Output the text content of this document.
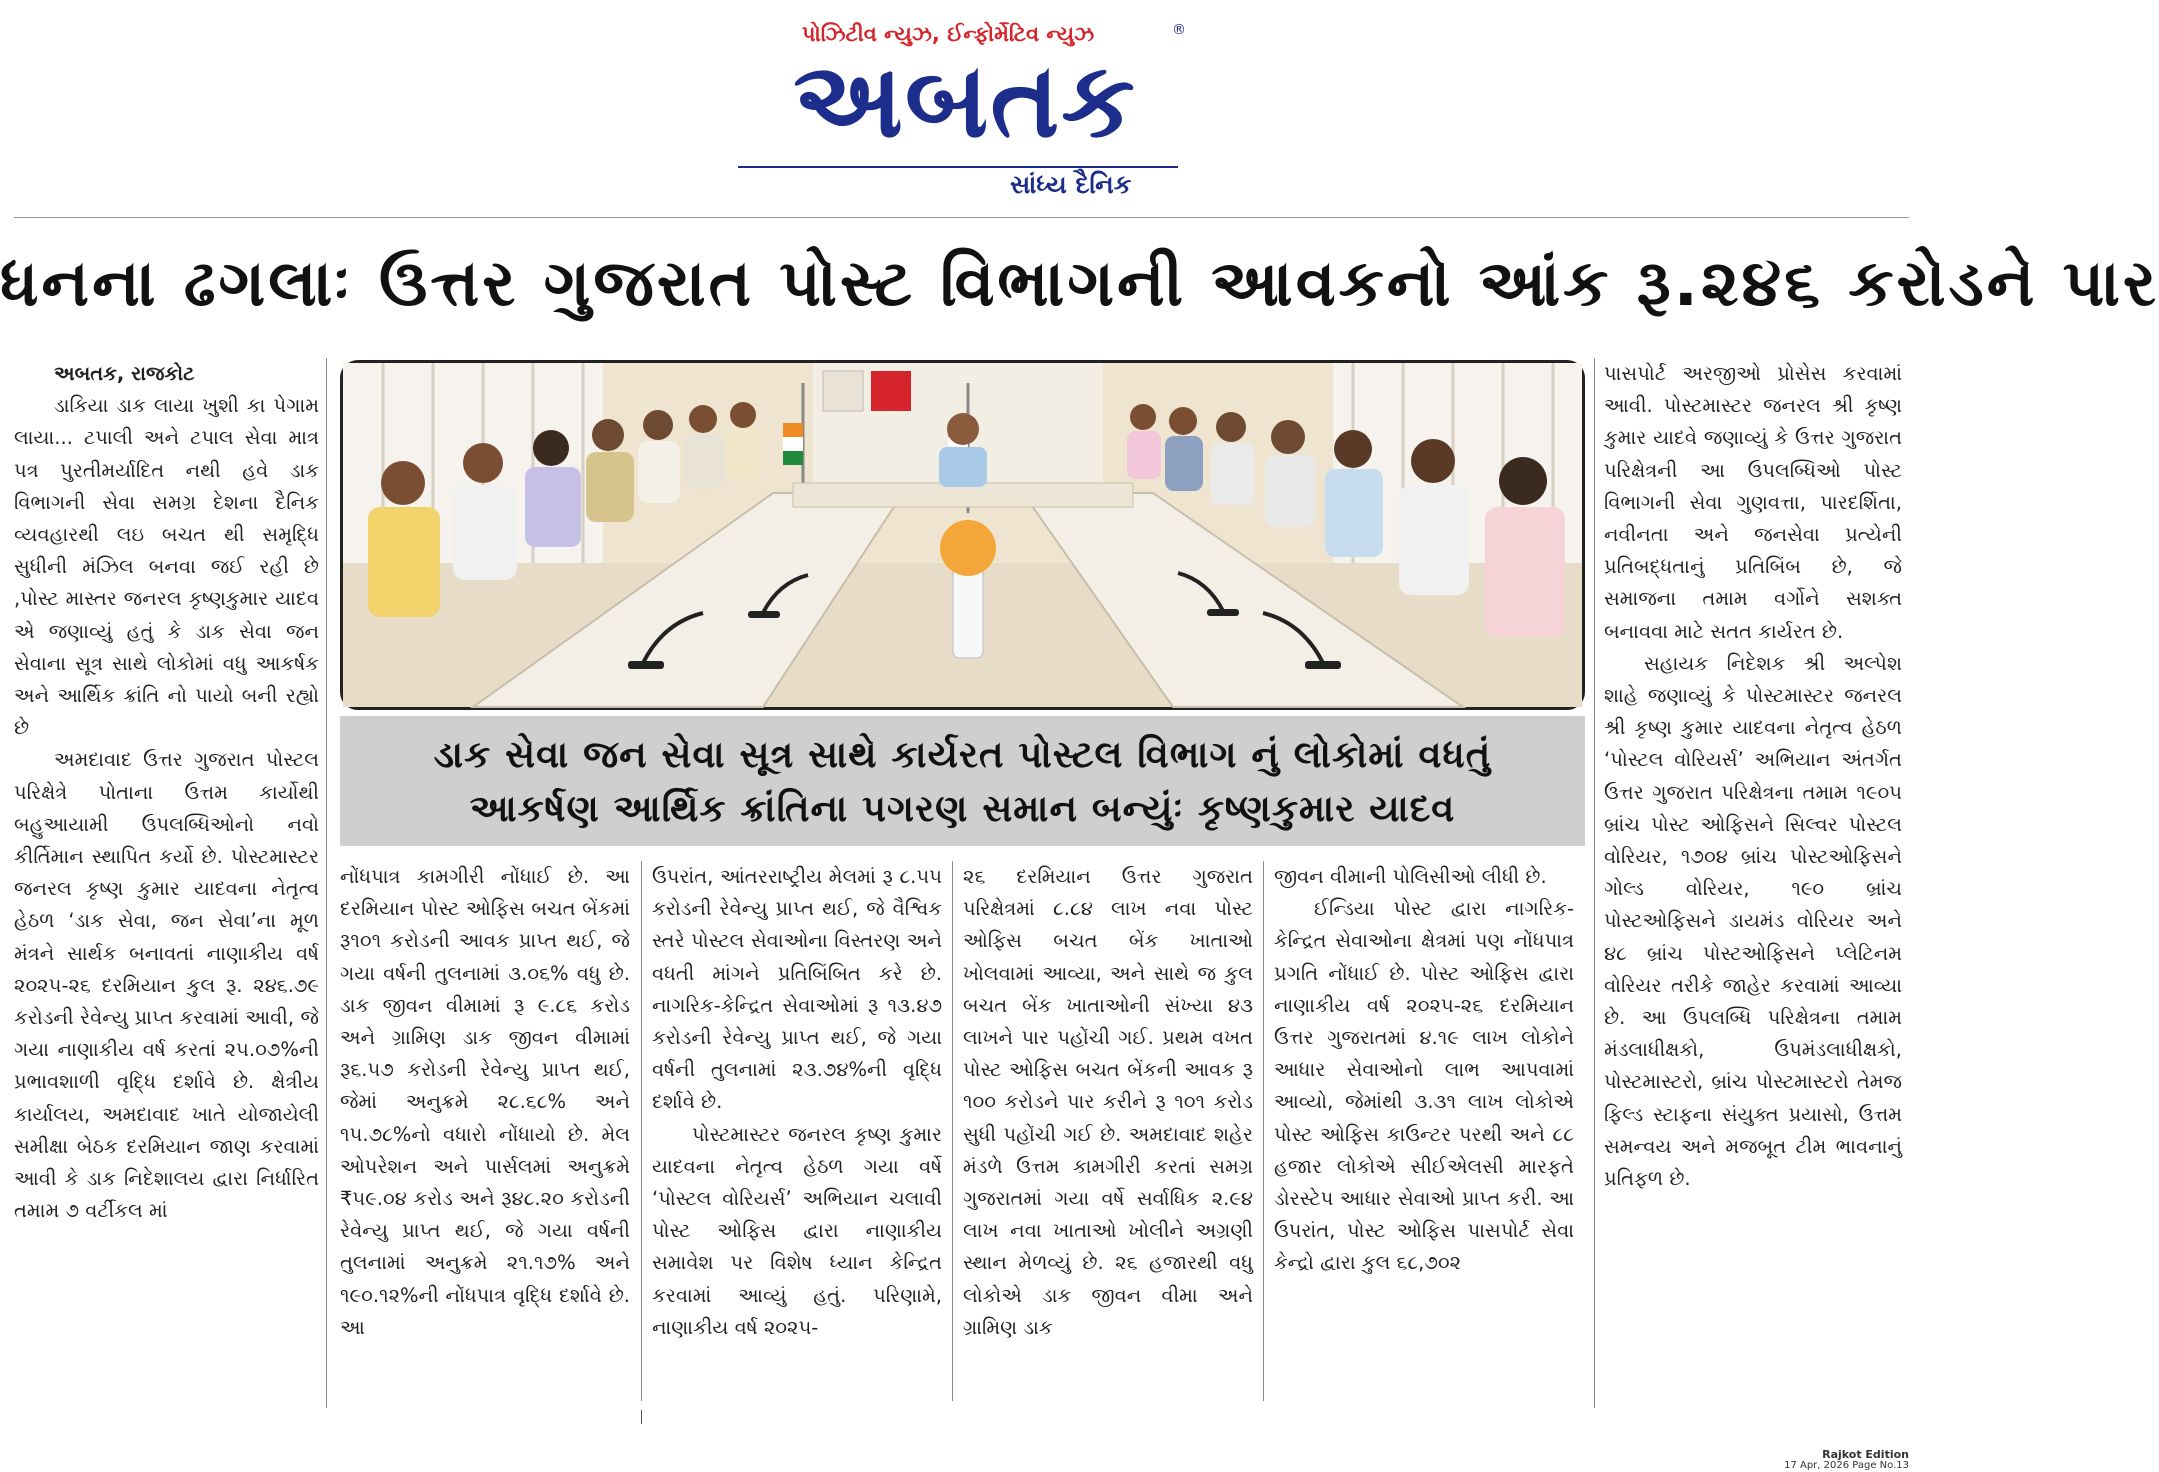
પોઝિટીવ ન્યુઝ, ઈન્ફોર્મેટિવ ન્યુઝ	®
અબતક
સાંધ્ય દૈનિક
ધનના ઢગલાઃ ઉત્તર ગુજરાત પોસ્ટ વિભાગની આવકનો આંક રૂ.૨૪૬ કરોડને પાર
ડાક સેવા જન સેવા સૂત્ર સાથે કાર્યરત પોસ્ટલ વિભાગ નું લોકોમાં વધતું
આકર્ષણ આર્થિક ક્રાંતિના પગરણ સમાન બન્યુંઃ કૃષ્ણકુમાર યાદવ

અબતક, રાજકોટ

ડાકિયા ડાક લાયા ખુશી કા પેગામ લાયા... ટપાલી અને ટપાલ સેવા માત્ર પત્ર પુરતીમર્યાદિત નથી હવે ડાક વિભાગની સેવા સમગ્ર દેશના દૈનિક વ્યવહારથી લઇ બચત થી સમૃદ્ધિ સુધીની મંઝિલ બનવા જઈ રહી છે ,પોસ્ટ માસ્તર જનરલ કૃષ્ણકુમાર યાદવ એ જણાવ્યું હતું કે ડાક સેવા જન સેવાના સૂત્ર સાથે લોકોમાં વધુ આકર્ષક અને આર્થિક ક્રાંતિ નો પાયો બની રહ્યો છે

અમદાવાદ ઉત્તર ગુજરાત પોસ્ટલ પરિક્ષેત્રે પોતાના ઉત્તમ કાર્યોથી બહુઆયામી ઉપલબ્ધિઓનો નવો કીર્તિમાન સ્થાપિત કર્યો છે. પોસ્ટમાસ્ટર જનરલ કૃષ્ણ કુમાર યાદવના નેતૃત્વ હેઠળ ‘ડાક સેવા, જન સેવા’ના મૂળ મંત્રને સાર્થક બનાવતાં નાણાકીય વર્ષ ૨૦૨૫-૨૬ દરમિયાન કુલ રૂ. ૨૪૬.૭૯ કરોડની રેવેન્યુ પ્રાપ્ત કરવામાં આવી, જે ગયા નાણાકીય વર્ષ કરતાં ૨૫.૦૭%ની પ્રભાવશાળી વૃદ્ધિ દર્શાવે છે. ક્ષેત્રીય કાર્યાલય, અમદાવાદ ખાતે યોજાયેલી સમીક્ષા બેઠક દરમિયાન જાણ કરવામાં આવી કે ડાક નિદેશાલય દ્વારા નિર્ધારિત તમામ ૭ વર્ટીકલ માં

નોંધપાત્ર કામગીરી નોંધાઈ છે. આ દરમિયાન પોસ્ટ ઓફિસ બચત બેંકમાં રૂ૧૦૧ કરોડની આવક પ્રાપ્ત થઈ, જે ગયા વર્ષની તુલનામાં ૩.૦૬% વધુ છે. ડાક જીવન વીમામાં રૂ ૯.૮૬ કરોડ અને ગ્રામિણ ડાક જીવન વીમામાં રૂ૬.૫૭ કરોડની રેવેન્યુ પ્રાપ્ત થઈ, જેમાં અનુક્રમે ૨૮.૬૮% અને ૧૫.૭૮%નો વધારો નોંધાયો છે. મેલ ઓપરેશન અને પાર્સલમાં અનુક્રમે ₹૫૯.૦૪ કરોડ અને રૂ૪૮.૨૦ કરોડની રેવેન્યુ પ્રાપ્ત થઈ, જે ગયા વર્ષની તુલનામાં અનુક્રમે ૨૧.૧૭% અને ૧૯૦.૧૨%ની નોંધપાત્ર વૃદ્ધિ દર્શાવે છે. આ

ઉપરાંત, આંતરરાષ્ટ્રીય મેલમાં રૂ ૮.૫૫ કરોડની રેવેન્યુ પ્રાપ્ત થઈ, જે વૈશ્વિક સ્તરે પોસ્ટલ સેવાઓના વિસ્તરણ અને વધતી માંગને પ્રતિબિંબિત કરે છે. નાગરિક-કેન્દ્રિત સેવાઓમાં રૂ ૧૩.૪૭ કરોડની રેવેન્યુ પ્રાપ્ત થઈ, જે ગયા વર્ષની તુલનામાં ૨૩.૭૪%ની વૃદ્ધિ દર્શાવે છે.

પોસ્ટમાસ્ટર જનરલ કૃષ્ણ કુમાર યાદવના નેતૃત્વ હેઠળ ગયા વર્ષે ‘પોસ્ટલ વોરિયર્સ’ અભિયાન ચલાવી પોસ્ટ ઓફિસ દ્વારા નાણાકીય સમાવેશ પર વિશેષ ધ્યાન કેન્દ્રિત કરવામાં આવ્યું હતું. પરિણામે, નાણાકીય વર્ષ ૨૦૨૫-

૨૬ દરમિયાન ઉત્તર ગુજરાત પરિક્ષેત્રમાં ૮.૮૪ લાખ નવા પોસ્ટ ઓફિસ બચત બેંક ખાતાઓ ખોલવામાં આવ્યા, અને સાથે જ કુલ બચત બેંક ખાતાઓની સંખ્યા ૪૩ લાખને પાર પહોંચી ગઈ. પ્રથમ વખત પોસ્ટ ઓફિસ બચત બેંકની આવક રૂ ૧૦૦ કરોડને પાર કરીને રૂ ૧૦૧ કરોડ સુધી પહોંચી ગઈ છે. અમદાવાદ શહેર મંડળે ઉત્તમ કામગીરી કરતાં સમગ્ર ગુજરાતમાં ગયા વર્ષે સર્વાધિક ૨.૯૪ લાખ નવા ખાતાઓ ખોલીને અગ્રણી સ્થાન મેળવ્યું છે. ૨૬ હજારથી વધુ લોકોએ ડાક જીવન વીમા અને ગ્રામિણ ડાક

જીવન વીમાની પોલિસીઓ લીધી છે.

ઈન્ડિયા પોસ્ટ દ્વારા નાગરિક-કેન્દ્રિત સેવાઓના ક્ષેત્રમાં પણ નોંધપાત્ર પ્રગતિ નોંધાઈ છે. પોસ્ટ ઓફિસ દ્વારા નાણાકીય વર્ષ ૨૦૨૫-૨૬ દરમિયાન ઉત્તર ગુજરાતમાં ૪.૧૯ લાખ લોકોને આધાર સેવાઓનો લાભ આપવામાં આવ્યો, જેમાંથી ૩.૩૧ લાખ લોકોએ પોસ્ટ ઓફિસ કાઉન્ટર પરથી અને ૮૮ હજાર લોકોએ સીઈએલસી મારફતે ડોરસ્ટેપ આધાર સેવાઓ પ્રાપ્ત કરી. આ ઉપરાંત, પોસ્ટ ઓફિસ પાસપોર્ટ સેવા કેન્દ્રો દ્વારા કુલ ૬૮,૭૦૨

પાસપોર્ટ અરજીઓ પ્રોસેસ કરવામાં આવી. પોસ્ટમાસ્ટર જનરલ શ્રી કૃષ્ણ કુમાર યાદવે જણાવ્યું કે ઉત્તર ગુજરાત પરિક્ષેત્રની આ ઉપલબ્ધિઓ પોસ્ટ વિભાગની સેવા ગુણવત્તા, પારદર્શિતા, નવીનતા અને જનસેવા પ્રત્યેની પ્રતિબદ્ધતાનું પ્રતિબિંબ છે, જે સમાજના તમામ વર્ગોને સશક્ત બનાવવા માટે સતત કાર્યરત છે.

સહાયક નિદેશક શ્રી અલ્પેશ શાહે જણાવ્યું કે પોસ્ટમાસ્ટર જનરલ શ્રી કૃષ્ણ કુમાર યાદવના નેતૃત્વ હેઠળ ‘પોસ્ટલ વોરિયર્સ’ અભિયાન અંતર્ગત ઉત્તર ગુજરાત પરિક્ષેત્રના તમામ ૧૯૦૫ બ્રાંચ પોસ્ટ ઓફિસને સિલ્વર પોસ્ટલ વોરિયર, ૧૭૦૪ બ્રાંચ પોસ્ટઓફિસને ગોલ્ડ વોરિયર, ૧૯૦ બ્રાંચ પોસ્ટઓફિસને ડાયમંડ વોરિયર અને ૪૮ બ્રાંચ પોસ્ટઓફિસને પ્લેટિનમ વોરિયર તરીકે જાહેર કરવામાં આવ્યા છે. આ ઉપલબ્ધિ પરિક્ષેત્રના તમામ મંડલાધીક્ષકો, ઉપમંડલાધીક્ષકો, પોસ્ટમાસ્ટરો, બ્રાંચ પોસ્ટમાસ્ટરો તેમજ ફિલ્ડ સ્ટાફના સંયુક્ત પ્રયાસો, ઉત્તમ સમન્વય અને મજબૂત ટીમ ભાવનાનું પ્રતિફળ છે.

Rajkot Edition
17 Apr, 2026 Page No.13
